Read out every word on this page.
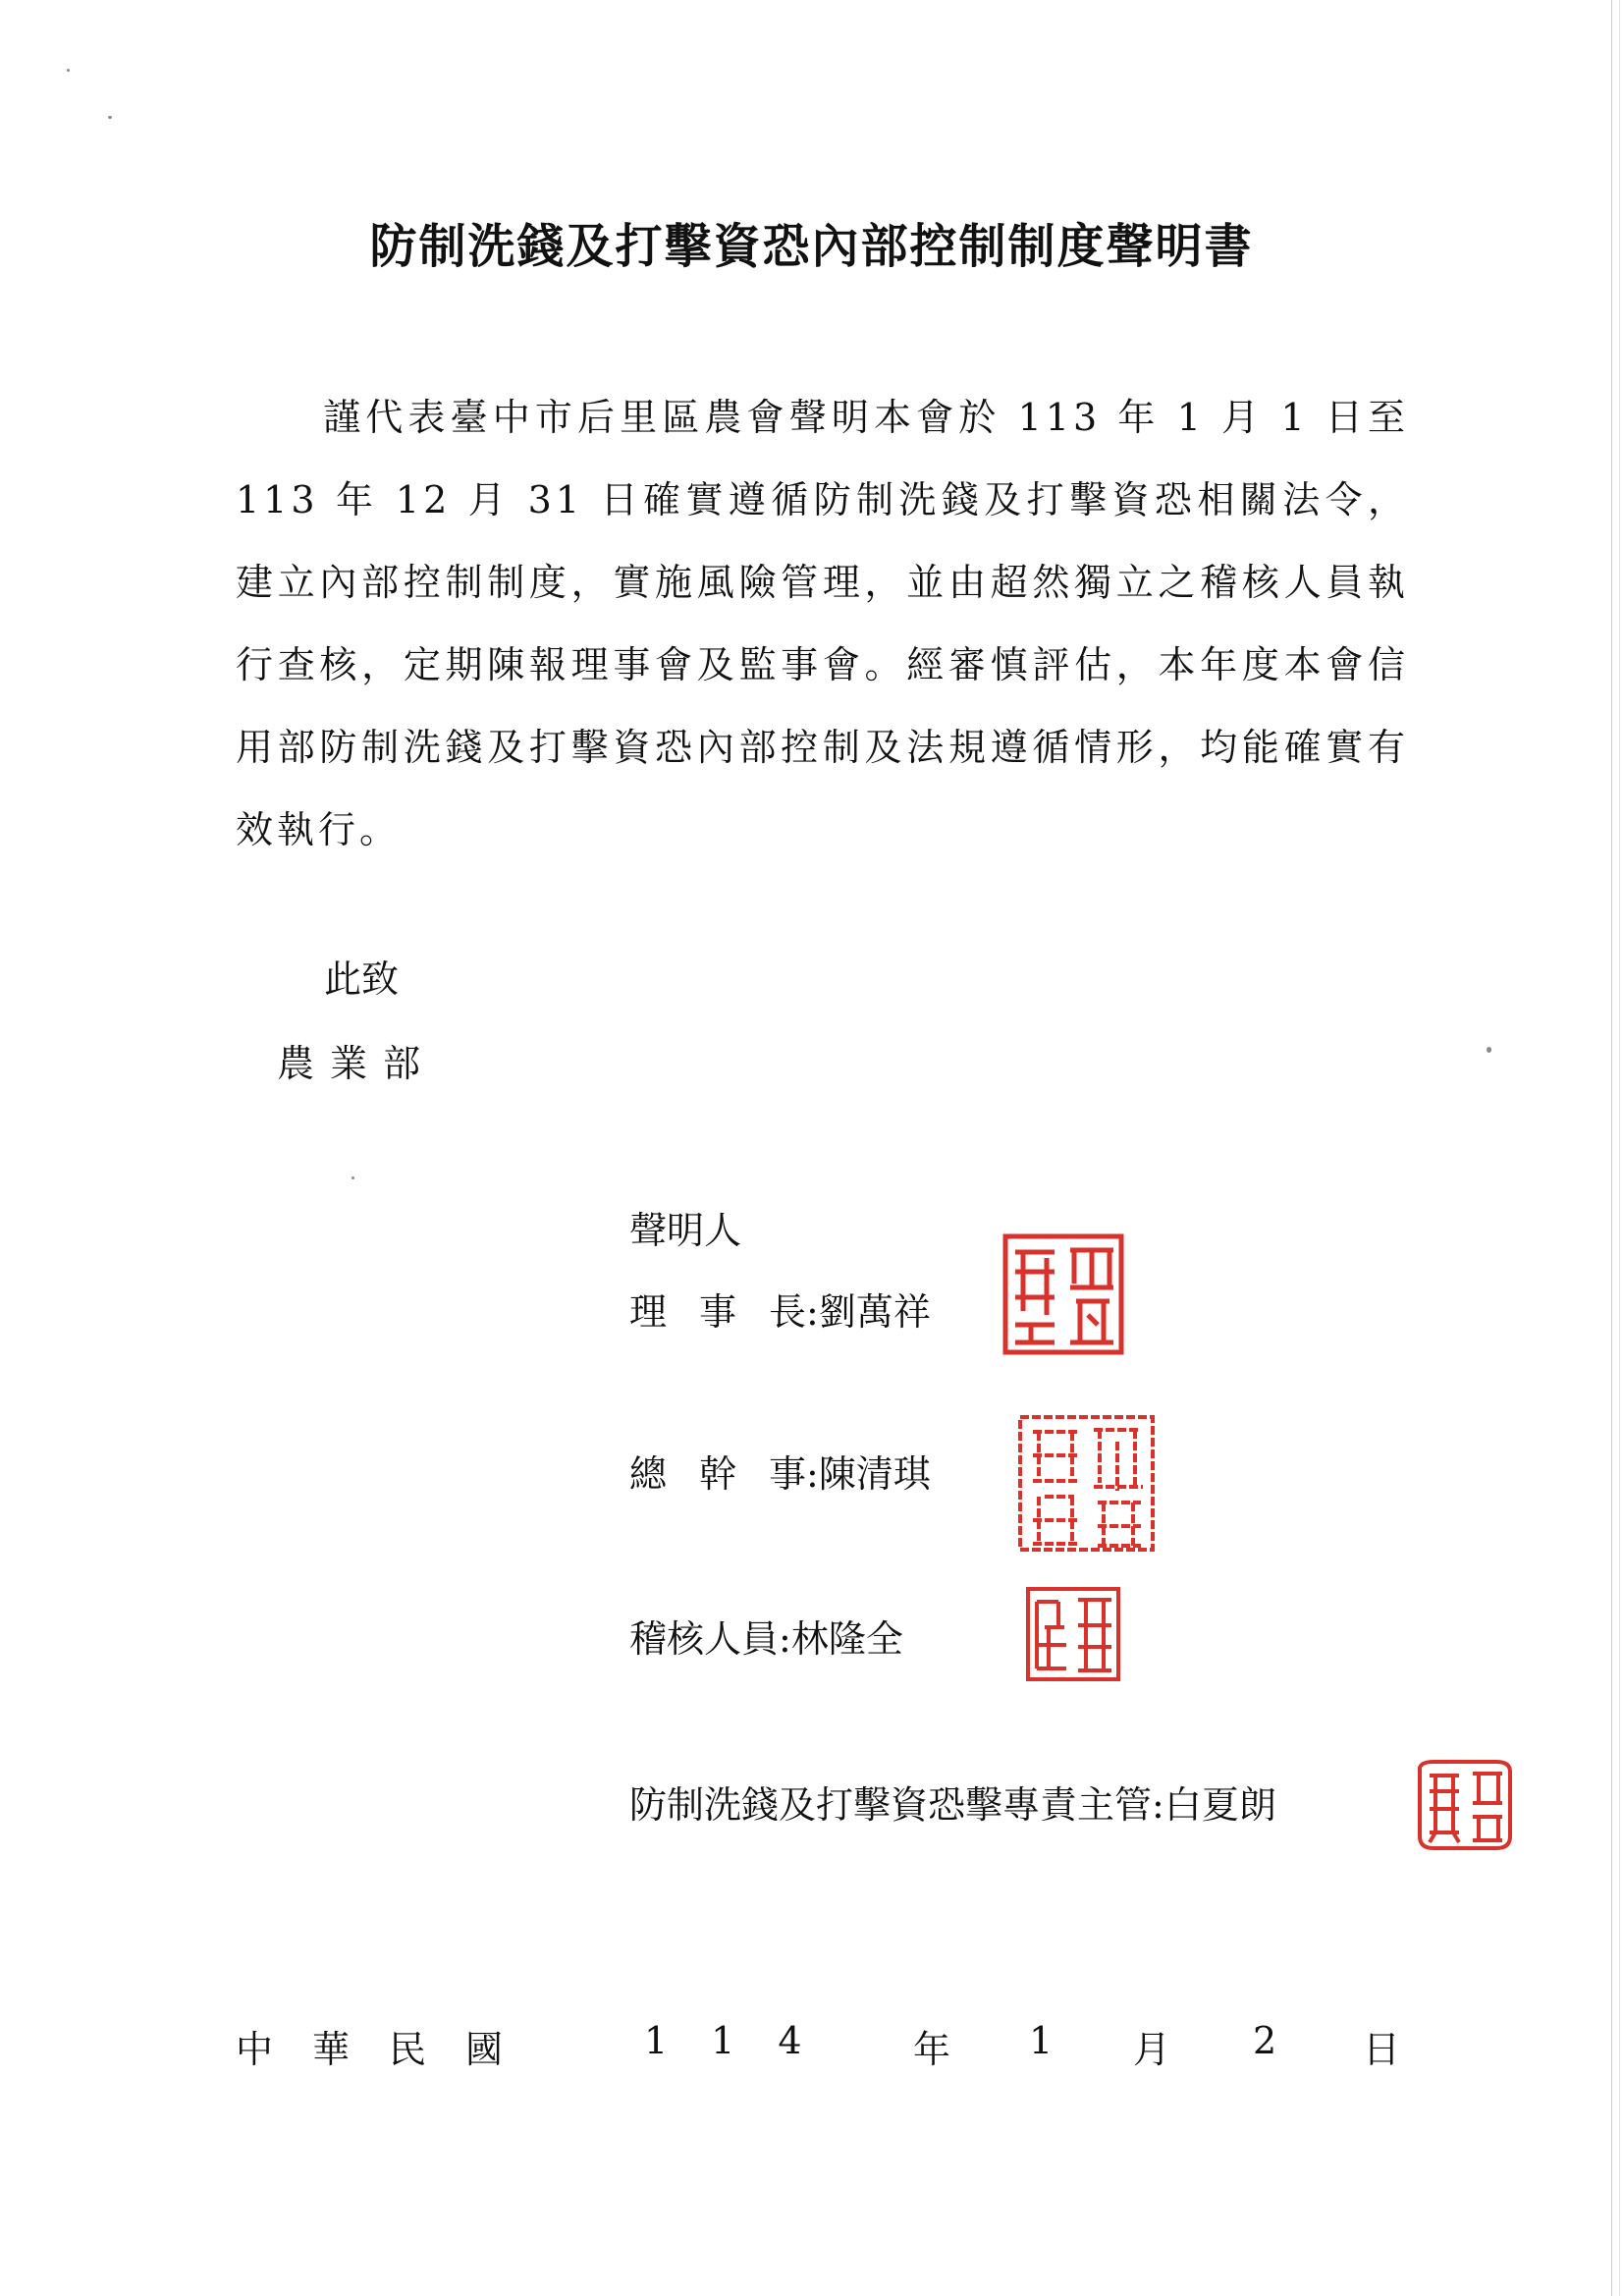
防制洗錢及打擊資恐內部控制制度聲明書

謹代表臺中市后里區農會聲明本會於 113 年 1 月 1 日至 113 年 12 月 31 日確實遵循防制洗錢及打擊資恐相關法令，建立內部控制制度，實施風險管理，並由超然獨立之稽核人員執行查核，定期陳報理事會及監事會。經審慎評估，本年度本會信用部防制洗錢及打擊資恐內部控制及法規遵循情形，均能確實有效執行。

此致

農業部

聲明人

理事長:劉萬祥

總幹事:陳清琪

稽核人員:林隆全

防制洗錢及打擊資恐擊專責主管:白夏朗

中華民國	114 年 1 月 2 日
